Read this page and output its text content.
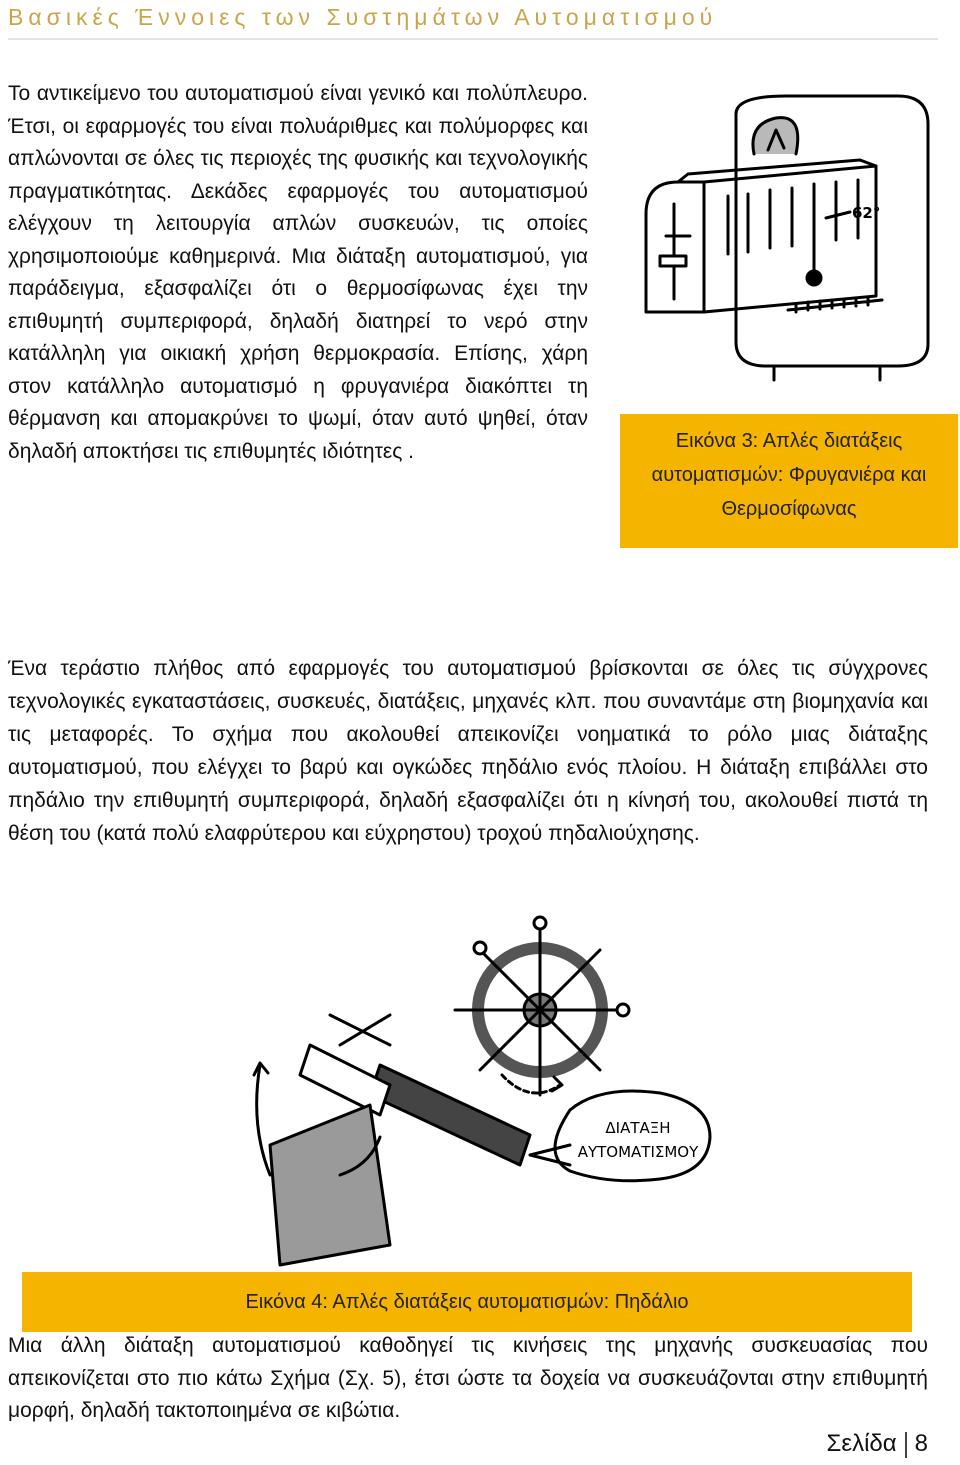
Βασικές Έννοιες των Συστημάτων Αυτοματισμού

Το αντικείμενο του αυτοματισμού είναι γενικό και πολύπλευρο. Έτσι, οι εφαρμογές του είναι πολυάριθμες και πολύμορφες και απλώνονται σε όλες τις περιοχές της φυσικής και τεχνολογικής πραγματικότητας. Δεκάδες εφαρμογές του αυτοματισμού ελέγχουν τη λειτουργία απλών συσκευών, τις οποίες χρησιμοποιούμε καθημερινά. Μια διάταξη αυτοματισμού, για παράδειγμα, εξασφαλίζει ότι ο θερμοσίφωνας έχει την επιθυμητή συμπεριφορά, δηλαδή διατηρεί το νερό στην κατάλληλη για οικιακή χρήση θερμοκρασία. Επίσης, χάρη στον κατάλληλο αυτοματισμό η φρυγανιέρα διακόπτει τη θέρμανση και απομακρύνει το ψωμί, όταν αυτό ψηθεί, όταν δηλαδή αποκτήσει τις επιθυμητές ιδιότητες .

62°
Εικόνα 3: Απλές διατάξεις αυτοματισμών: Φρυγανιέρα και Θερμοσίφωνας

Ένα τεράστιο πλήθος από εφαρμογές του αυτοματισμού βρίσκονται σε όλες τις σύγχρονες τεχνολογικές εγκαταστάσεις, συσκευές, διατάξεις, μηχανές κλπ. που συναντάμε στη βιομηχανία και τις μεταφορές. Το σχήμα που ακολουθεί απεικονίζει νοηματικά το ρόλο μιας διάταξης αυτοματισμού, που ελέγχει το βαρύ και ογκώδες πηδάλιο ενός πλοίου. Η διάταξη επιβάλλει στο πηδάλιο την επιθυμητή συμπεριφορά, δηλαδή εξασφαλίζει ότι η κίνησή του, ακολουθεί πιστά τη θέση του (κατά πολύ ελαφρύτερου και εύχρηστου) τροχού πηδαλιούχησης.

ΔΙΑΤΑΞΗ
ΑΥΤΟΜΑΤΙΣΜΟΥ
Εικόνα 4: Απλές διατάξεις αυτοματισμών: Πηδάλιο

Μια άλλη διάταξη αυτοματισμού καθοδηγεί τις κινήσεις της μηχανής συσκευασίας που απεικονίζεται στο πιο κάτω Σχήμα (Σχ. 5), έτσι ώστε τα δοχεία να συσκευάζονται στην επιθυμητή μορφή, δηλαδή τακτοποιημένα σε κιβώτια.

Σελίδα 8
